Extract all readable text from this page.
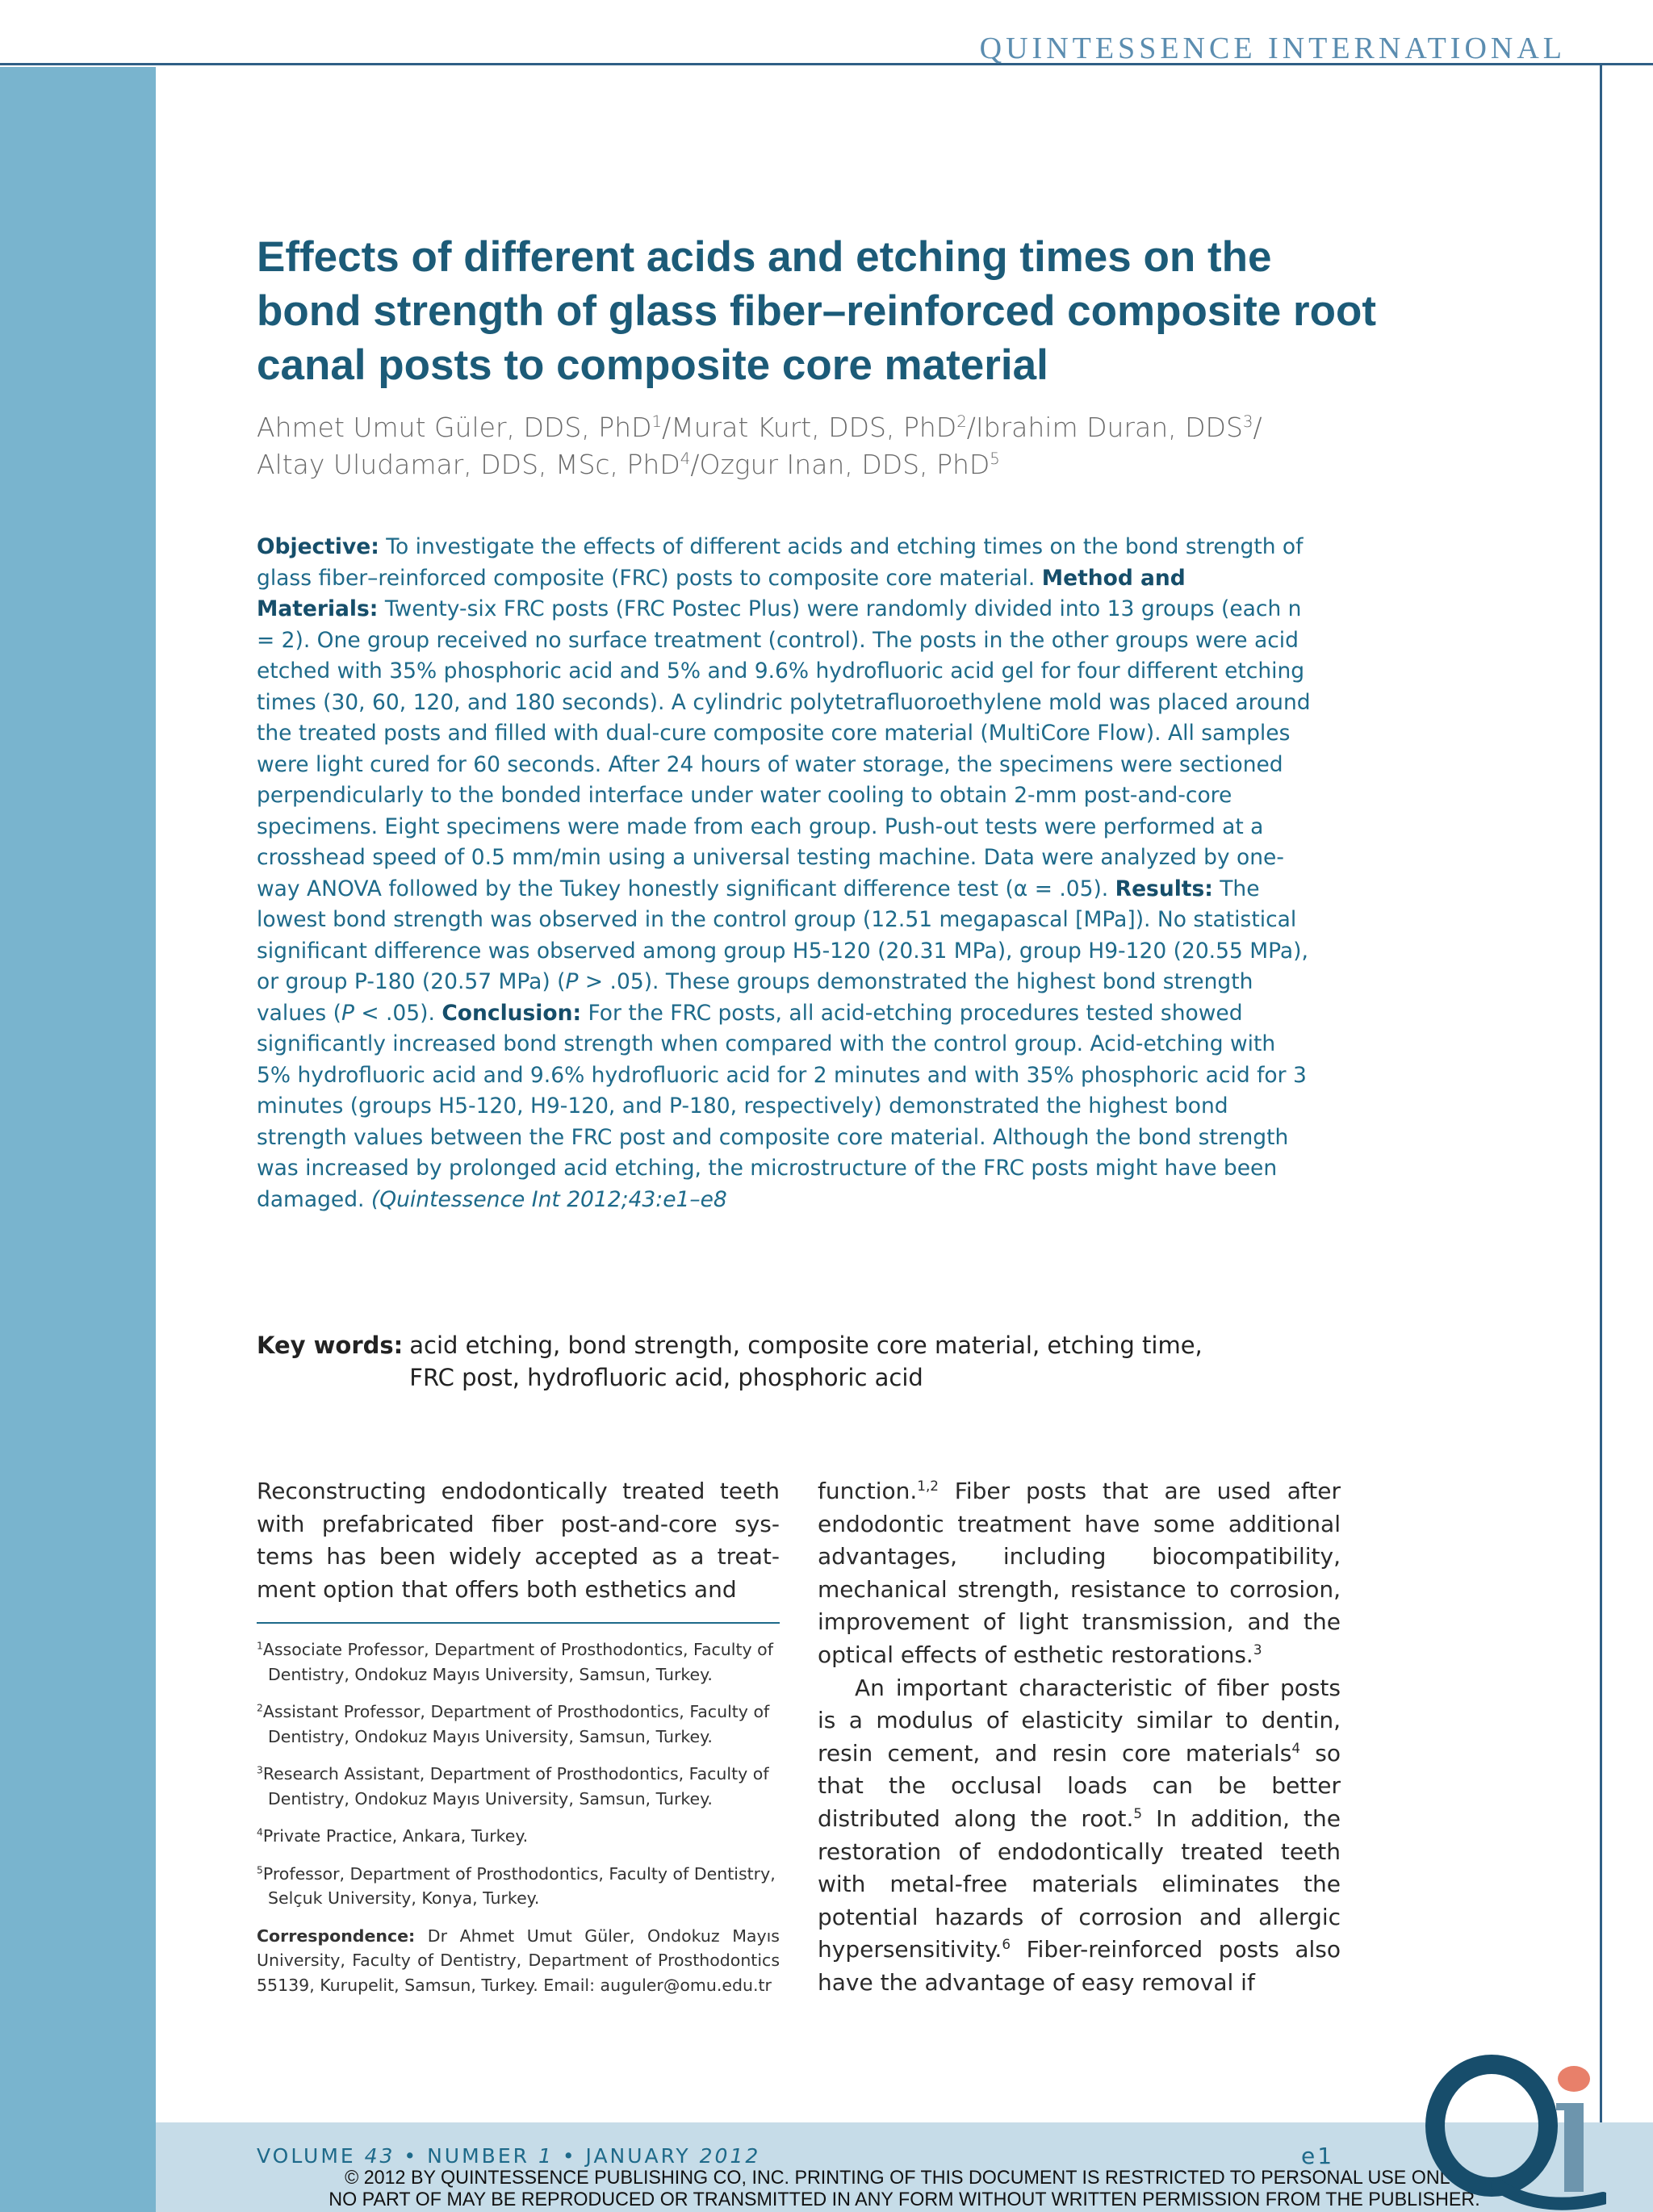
QUINTESSENCE INTERNATIONAL
Effects of different acids and etching times on the bond strength of glass fiber–reinforced composite root canal posts to composite core material
Ahmet Umut Güler, DDS, PhD$^1$/Murat Kurt, DDS, PhD$^2$/Ibrahim Duran, DDS$^3$/
Altay Uludamar, DDS, MSc, PhD$^4$/Ozgur Inan, DDS, PhD$^5$
Objective: To investigate the effects of different acids and etching times on the bond strength of glass fiber–reinforced composite (FRC) posts to composite core material. Method and Materials: Twenty-six FRC posts (FRC Postec Plus) were randomly divided into 13 groups (each n = 2). One group received no surface treatment (control). The posts in the other groups were acid etched with 35% phosphoric acid and 5% and 9.6% hydrofluoric acid gel for four different etching times (30, 60, 120, and 180 seconds). A cylindric polytetrafluoroethylene mold was placed around the treated posts and filled with dual-cure composite core material (MultiCore Flow). All samples were light cured for 60 seconds. After 24 hours of water storage, the specimens were sectioned perpendicularly to the bonded interface under water cooling to obtain 2-mm post-and-core specimens. Eight specimens were made from each group. Push-out tests were performed at a crosshead speed of 0.5 mm/min using a universal testing machine. Data were analyzed by one-way ANOVA followed by the Tukey honestly significant difference test (α = .05). Results: The lowest bond strength was observed in the control group (12.51 megapascal [MPa]). No statistical significant difference was observed among group H5-120 (20.31 MPa), group H9-120 (20.55 MPa), or group P-180 (20.57 MPa) (P > .05). These groups demonstrated the highest bond strength values (P < .05). Conclusion: For the FRC posts, all acid-etching procedures tested showed significantly increased bond strength when compared with the control group. Acid-etching with 5% hydrofluoric acid and 9.6% hydrofluoric acid for 2 minutes and with 35% phosphoric acid for 3 minutes (groups H5-120, H9-120, and P-180, respectively) demonstrated the highest bond strength values between the FRC post and composite core material. Although the bond strength was increased by prolonged acid etching, the microstructure of the FRC posts might have been damaged. (Quintessence Int 2012;43:e1–e8
Key words: acid etching, bond strength, composite core material, etching time, FRC post, hydrofluoric acid, phosphoric acid
Reconstructing endodontically treated teeth with prefabricated fiber post-and-core systems has been widely accepted as a treatment option that offers both esthetics and

$^1$Associate Professor, Department of Prosthodontics, Faculty of Dentistry, Ondokuz Mayıs University, Samsun, Turkey.

$^2$Assistant Professor, Department of Prosthodontics, Faculty of Dentistry, Ondokuz Mayıs University, Samsun, Turkey.

$^3$Research Assistant, Department of Prosthodontics, Faculty of Dentistry, Ondokuz Mayıs University, Samsun, Turkey.

$^4$Private Practice, Ankara, Turkey.

$^5$Professor, Department of Prosthodontics, Faculty of Dentistry, Selçuk University, Konya, Turkey.

Correspondence: Dr Ahmet Umut Güler, Ondokuz Mayıs University, Faculty of Dentistry, Department of Prosthodontics 55139, Kurupelit, Samsun, Turkey. Email: auguler@omu.edu.tr

function.$^{1,2}$ Fiber posts that are used after endodontic treatment have some additional advantages, including biocompatibility, mechanical strength, resistance to corrosion, improvement of light transmission, and the optical effects of esthetic restorations.$^3$

An important characteristic of fiber posts is a modulus of elasticity similar to dentin, resin cement, and resin core materials$^4$ so that the occlusal loads can be better distributed along the root.$^5$ In addition, the restoration of endodontically treated teeth with metal-free materials eliminates the potential hazards of corrosion and allergic hypersensitivity.$^6$ Fiber-reinforced posts also have the advantage of easy removal if

VOLUME 43 • NUMBER 1 • JANUARY 2012	e1
© 2012 BY QUINTESSENCE PUBLISHING CO, INC. PRINTING OF THIS DOCUMENT IS RESTRICTED TO PERSONAL USE ONLY.
NO PART OF MAY BE REPRODUCED OR TRANSMITTED IN ANY FORM WITHOUT WRITTEN PERMISSION FROM THE PUBLISHER.
